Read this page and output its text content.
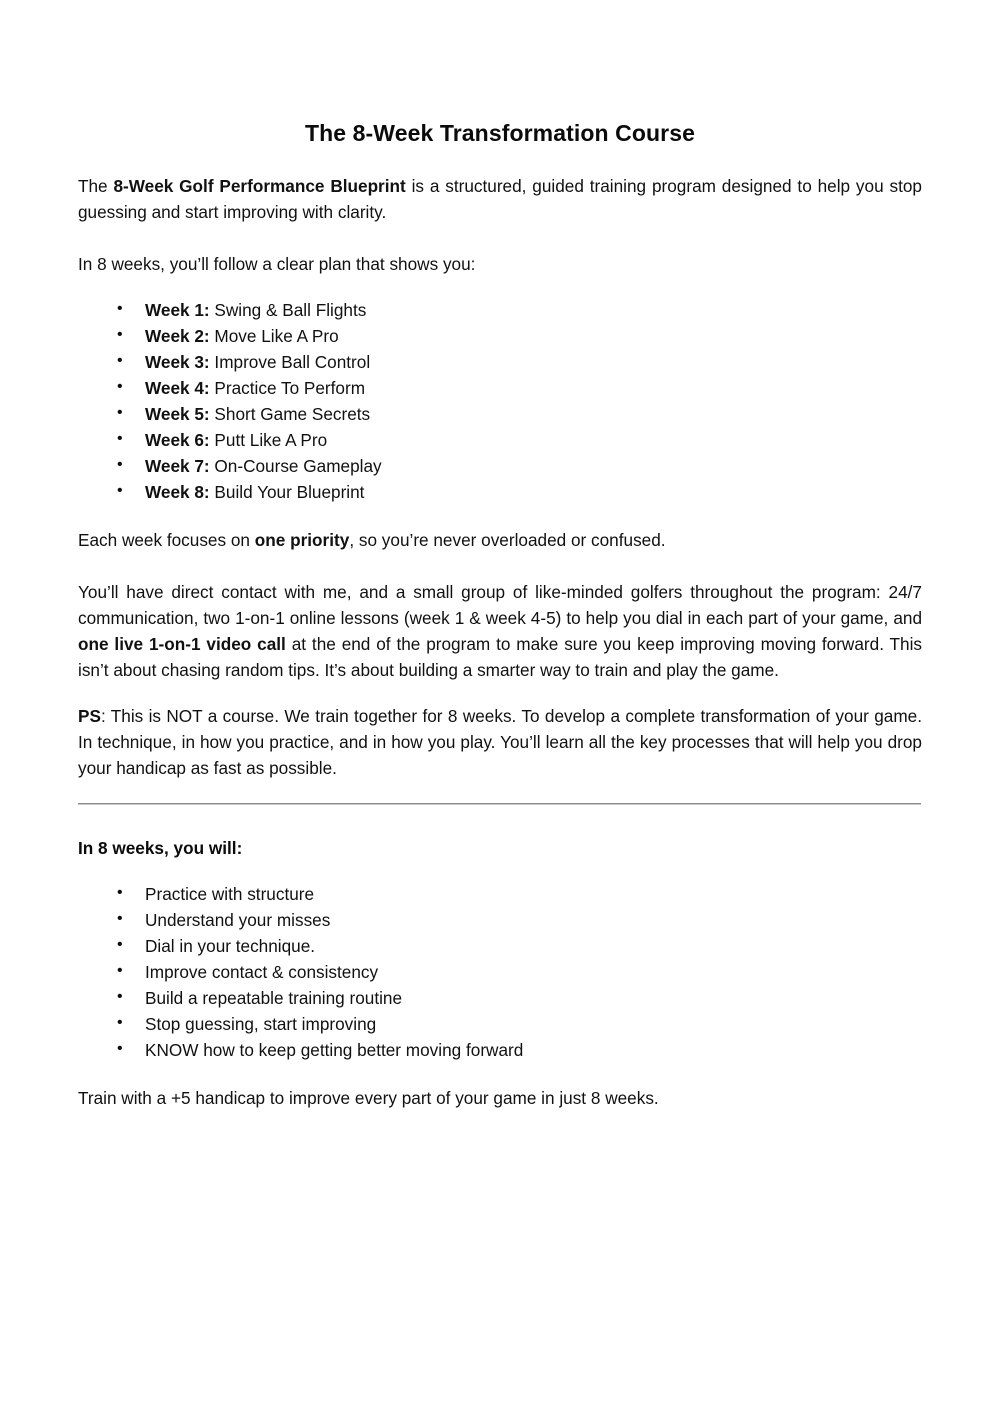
The 8-Week Transformation Course

The 8-Week Golf Performance Blueprint is a structured, guided training program designed to help you stop guessing and start improving with clarity.

In 8 weeks, you’ll follow a clear plan that shows you:

• Week 1: Swing & Ball Flights
• Week 2: Move Like A Pro
• Week 3: Improve Ball Control
• Week 4: Practice To Perform
• Week 5: Short Game Secrets
• Week 6: Putt Like A Pro
• Week 7: On-Course Gameplay
• Week 8: Build Your Blueprint

Each week focuses on one priority, so you’re never overloaded or confused.

You’ll have direct contact with me, and a small group of like-minded golfers throughout the program: 24/7 communication, two 1-on-1 online lessons (week 1 & week 4-5) to help you dial in each part of your game, and one live 1-on-1 video call at the end of the program to make sure you keep improving moving forward. This isn’t about chasing random tips. It’s about building a smarter way to train and play the game.

PS: This is NOT a course. We train together for 8 weeks. To develop a complete transformation of your game. In technique, in how you practice, and in how you play. You’ll learn all the key processes that will help you drop your handicap as fast as possible.

In 8 weeks, you will:

• Practice with structure
• Understand your misses
• Dial in your technique.
• Improve contact & consistency
• Build a repeatable training routine
• Stop guessing, start improving
• KNOW how to keep getting better moving forward

Train with a +5 handicap to improve every part of your game in just 8 weeks.
